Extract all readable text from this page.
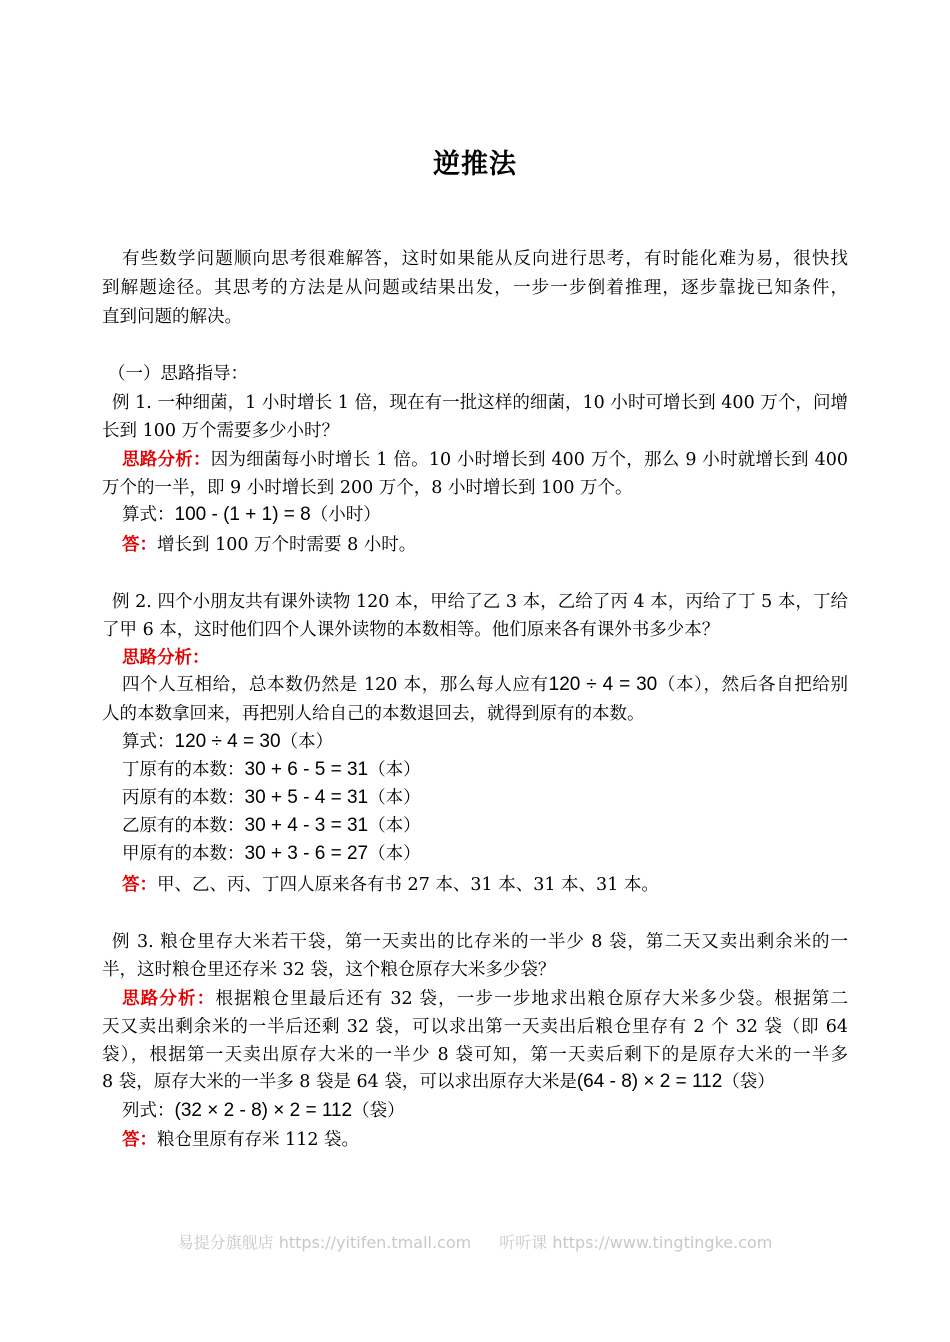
逆推法
有些数学问题顺向思考很难解答，这时如果能从反向进行思考，有时能化难为易，很快找
到解题途径。其思考的方法是从问题或结果出发，一步一步倒着推理，逐步靠拢已知条件，
直到问题的解决。
（一）思路指导：
例 1. 一种细菌，1 小时增长 1 倍，现在有一批这样的细菌，10 小时可增长到 400 万个，问增
长到 100 万个需要多少小时？
思路分析：因为细菌每小时增长 1 倍。10 小时增长到 400 万个，那么 9 小时就增长到 400
万个的一半，即 9 小时增长到 200 万个，8 小时增长到 100 万个。
算式：100 - (1 + 1) = 8（小时）
答：增长到 100 万个时需要 8 小时。
例 2. 四个小朋友共有课外读物 120 本，甲给了乙 3 本，乙给了丙 4 本，丙给了丁 5 本，丁给
了甲 6 本，这时他们四个人课外读物的本数相等。他们原来各有课外书多少本？
思路分析：
四个人互相给，总本数仍然是 120 本，那么每人应有120 ÷ 4 = 30（本），然后各自把给别
人的本数拿回来，再把别人给自己的本数退回去，就得到原有的本数。
算式：120 ÷ 4 = 30（本）
丁原有的本数：30 + 6 - 5 = 31（本）
丙原有的本数：30 + 5 - 4 = 31（本）
乙原有的本数：30 + 4 - 3 = 31（本）
甲原有的本数：30 + 3 - 6 = 27（本）
答：甲、乙、丙、丁四人原来各有书 27 本、31 本、31 本、31 本。
例 3. 粮仓里存大米若干袋，第一天卖出的比存米的一半少 8 袋，第二天又卖出剩余米的一
半，这时粮仓里还存米 32 袋，这个粮仓原存大米多少袋？
思路分析：根据粮仓里最后还有 32 袋，一步一步地求出粮仓原存大米多少袋。根据第二
天又卖出剩余米的一半后还剩 32 袋，可以求出第一天卖出后粮仓里存有 2 个 32 袋（即 64
袋），根据第一天卖出原存大米的一半少 8 袋可知，第一天卖后剩下的是原存大米的一半多
8 袋，原存大米的一半多 8 袋是 64 袋，可以求出原存大米是(64 - 8) × 2 = 112（袋）
列式：(32 × 2 - 8) × 2 = 112（袋）
答：粮仓里原有存米 112 袋。
易提分旗舰店 https://yitifen.tmall.com 听听课 https://www.tingtingke.com
